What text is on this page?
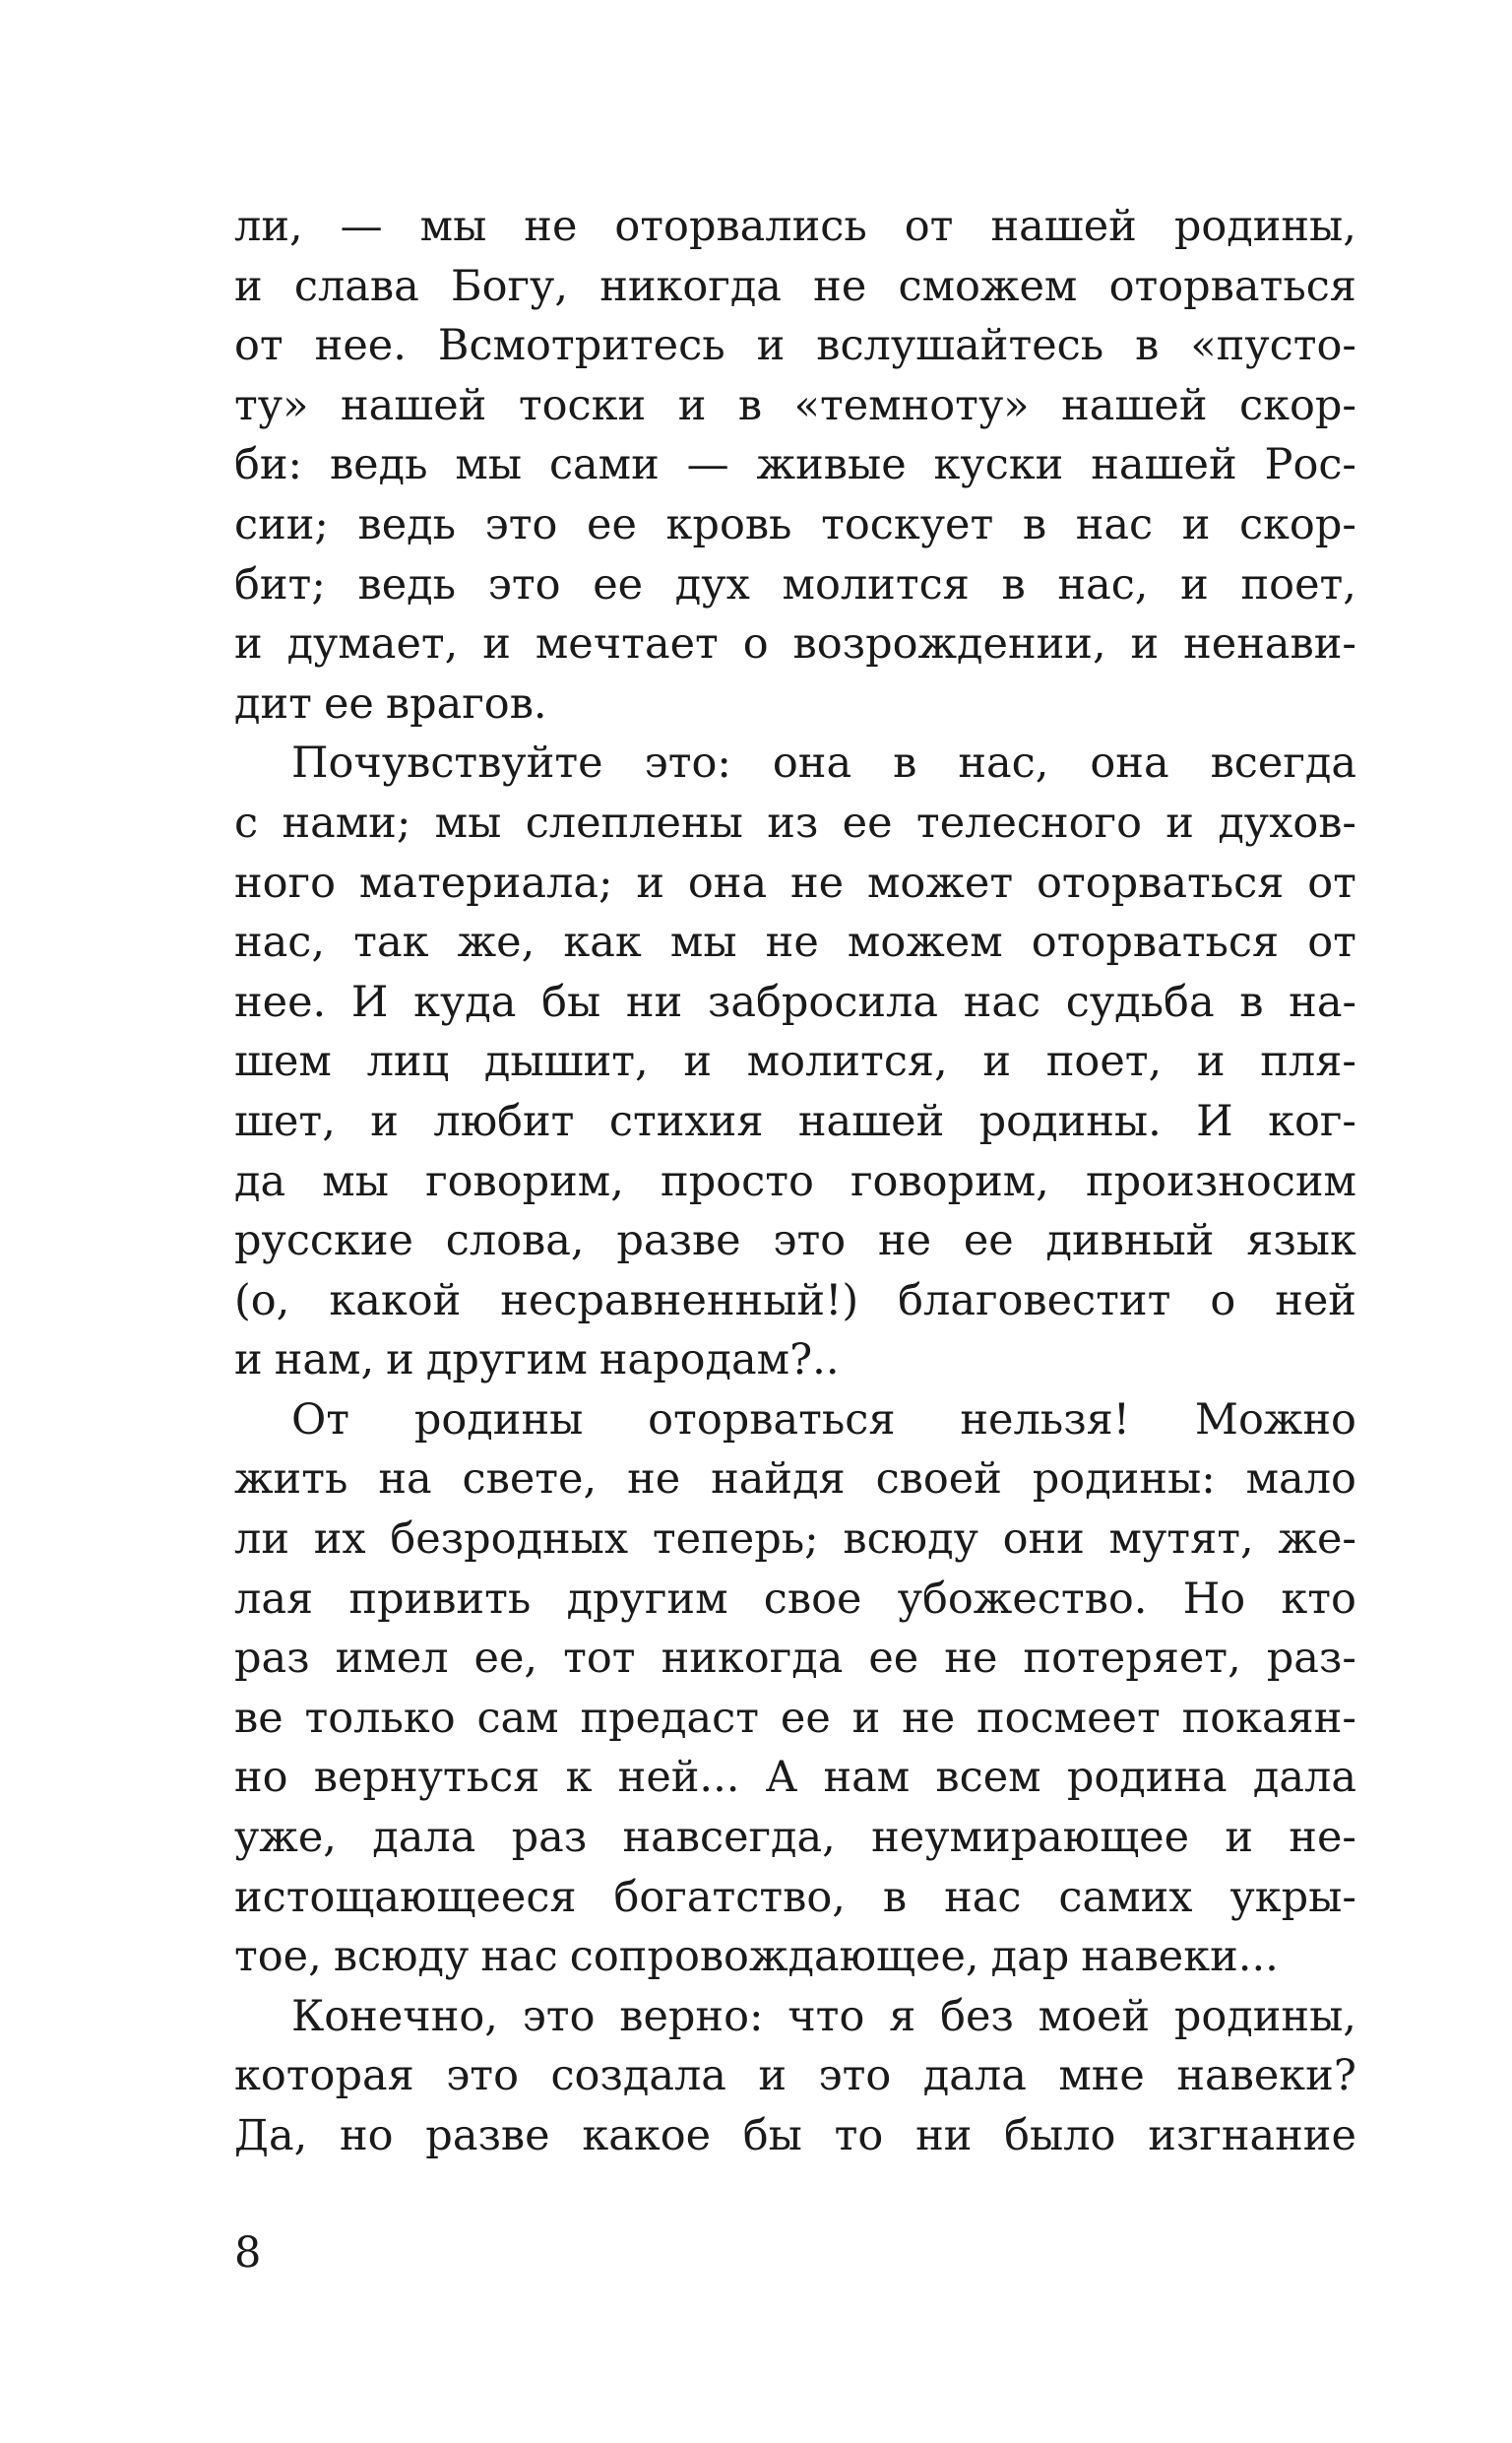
ли, — мы не оторвались от нашей родины,
и слава Богу, никогда не сможем оторваться
от нее. Всмотритесь и вслушайтесь в «пусто-
ту» нашей тоски и в «темноту» нашей скор-
би: ведь мы сами — живые куски нашей Рос-
сии; ведь это ее кровь тоскует в нас и скор-
бит; ведь это ее дух молится в нас, и поет,
и думает, и мечтает о возрождении, и ненави-
дит ее врагов.
Почувствуйте это: она в нас, она всегда
с нами; мы слеплены из ее телесного и духов-
ного материала; и она не может оторваться от
нас, так же, как мы не можем оторваться от
нее. И куда бы ни забросила нас судьба в на-
шем лиц дышит, и молится, и поет, и пля-
шет, и любит стихия нашей родины. И ког-
да мы говорим, просто говорим, произносим
русские слова, разве это не ее дивный язык
(о, какой несравненный!) благовестит о ней
и нам, и другим народам?..
От родины оторваться нельзя! Можно
жить на свете, не найдя своей родины: мало
ли их безродных теперь; всюду они мутят, же-
лая привить другим свое убожество. Но кто
раз имел ее, тот никогда ее не потеряет, раз-
ве только сам предаст ее и не посмеет покаян-
но вернуться к ней... А нам всем родина дала
уже, дала раз навсегда, неумирающее и не-
истощающееся богатство, в нас самих укры-
тое, всюду нас сопровождающее, дар навеки...
Конечно, это верно: что я без моей родины,
которая это создала и это дала мне навеки?
Да, но разве какое бы то ни было изгнание
8
